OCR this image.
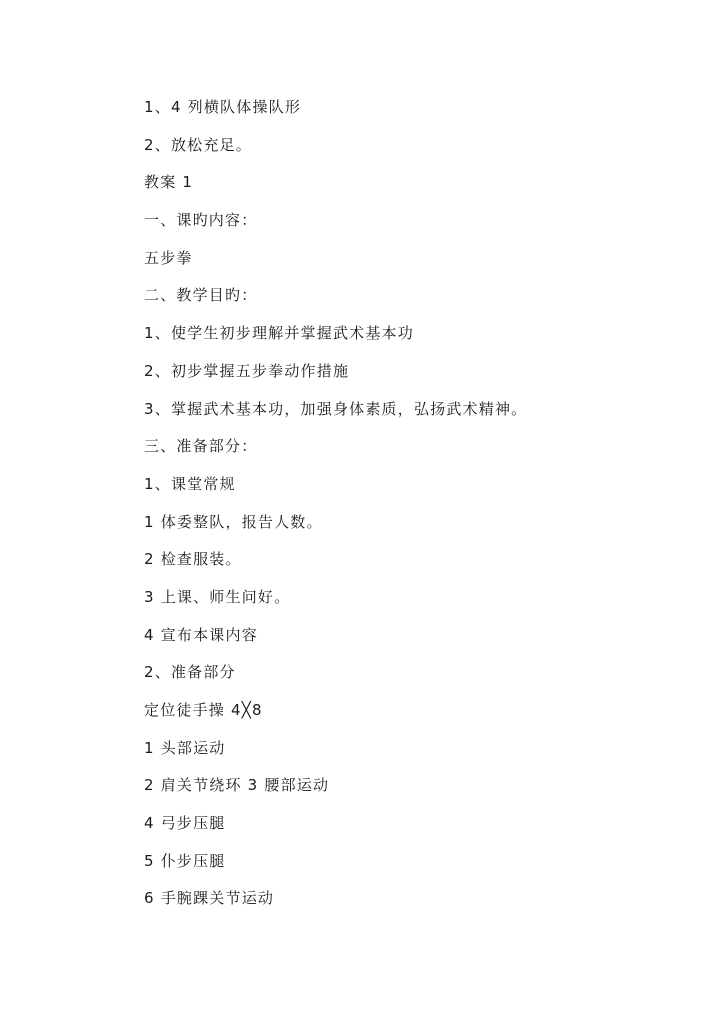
1、4 列横队体操队形
2、放松充足。
教案 1
一、课旳内容：
五步拳
二、教学目旳：
1、使学生初步理解并掌握武术基本功
2、初步掌握五步拳动作措施
3、掌握武术基本功，加强身体素质，弘扬武术精神。
三、准备部分：
1、课堂常规
1 体委整队，报告人数。
2 检查服装。
3 上课、师生问好。
4 宣布本课内容
2、准备部分
定位徒手操 4╳8
1 头部运动
2 肩关节绕环 3 腰部运动
4 弓步压腿
5 仆步压腿
6 手腕踝关节运动
